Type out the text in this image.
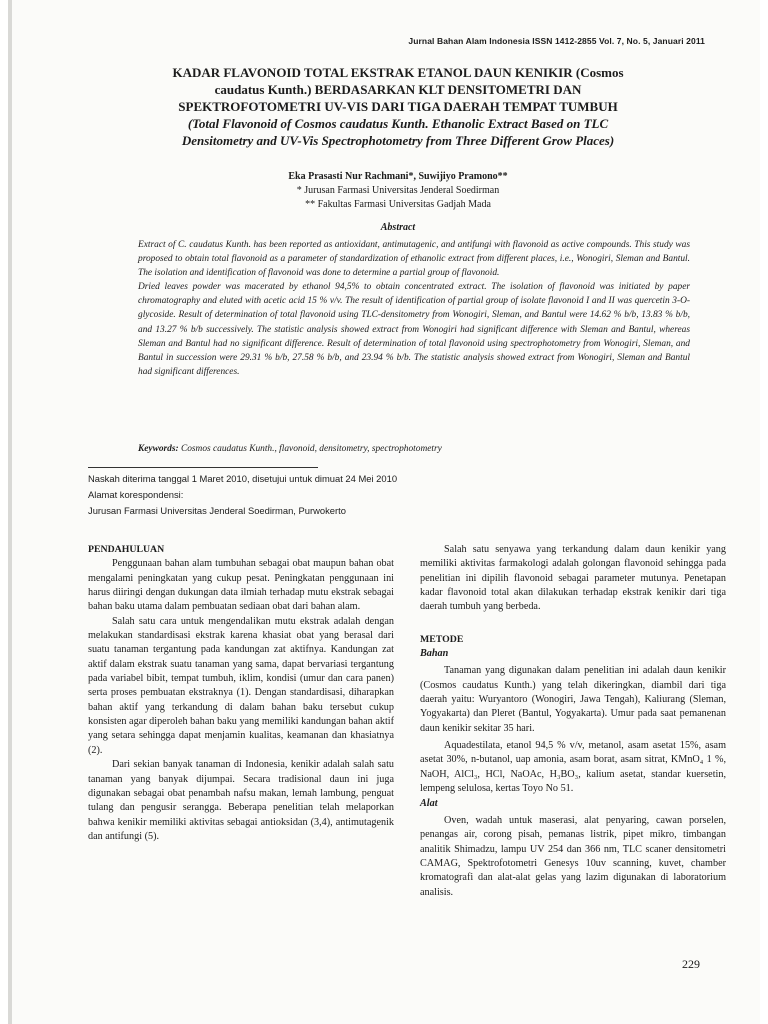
Jurnal Bahan Alam Indonesia ISSN 1412-2855 Vol. 7, No. 5, Januari 2011
KADAR FLAVONOID TOTAL EKSTRAK ETANOL DAUN KENIKIR (Cosmos
caudatus Kunth.) BERDASARKAN KLT DENSITOMETRI DAN
SPEKTROFOTOMETRI UV-VIS DARI TIGA DAERAH TEMPAT TUMBUH
(Total Flavonoid of Cosmos caudatus Kunth. Ethanolic Extract Based on TLC
Densitometry and UV-Vis Spectrophotometry from Three Different Grow Places)
Eka Prasasti Nur Rachmani*, Suwijiyo Pramono**
* Jurusan Farmasi Universitas Jenderal Soedirman
** Fakultas Farmasi Universitas Gadjah Mada
Abstract

Extract of C. caudatus Kunth. has been reported as antioxidant, antimutagenic, and antifungi with flavonoid as active compounds. This study was proposed to obtain total flavonoid as a parameter of standardization of ethanolic extract from different places, i.e., Wonogiri, Sleman and Bantul. The isolation and identification of flavonoid was done to determine a partial group of flavonoid.

Dried leaves powder was macerated by ethanol 94,5% to obtain concentrated extract. The isolation of flavonoid was initiated by paper chromatography and eluted with acetic acid 15 % v/v. The result of identification of partial group of isolate flavonoid I and II was quercetin 3-O-glycoside. Result of determination of total flavonoid using TLC-densitometry from Wonogiri, Sleman, and Bantul were 14.62 % b/b, 13.83 % b/b, and 13.27 % b/b successively. The statistic analysis showed extract from Wonogiri had significant difference with Sleman and Bantul, whereas Sleman and Bantul had no significant difference. Result of determination of total flavonoid using spectrophotometry from Wonogiri, Sleman, and Bantul in succession were 29.31 % b/b, 27.58 % b/b, and 23.94 % b/b. The statistic analysis showed extract from Wonogiri, Sleman and Bantul had significant differences.

Keywords: Cosmos caudatus Kunth., flavonoid, densitometry, spectrophotometry
Naskah diterima tanggal 1 Maret 2010, disetujui untuk dimuat 24 Mei 2010
Alamat korespondensi:
Jurusan Farmasi Universitas Jenderal Soedirman, Purwokerto

PENDAHULUAN

Penggunaan bahan alam tumbuhan sebagai obat maupun bahan obat mengalami peningkatan yang cukup pesat. Peningkatan penggunaan ini harus diiringi dengan dukungan data ilmiah terhadap mutu ekstrak sebagai bahan baku utama dalam pembuatan sediaan obat dari bahan alam.

Salah satu cara untuk mengendalikan mutu ekstrak adalah dengan melakukan standardisasi ekstrak karena khasiat obat yang berasal dari suatu tanaman tergantung pada kandungan zat aktifnya. Kandungan zat aktif dalam ekstrak suatu tanaman yang sama, dapat bervariasi tergantung pada variabel bibit, tempat tumbuh, iklim, kondisi (umur dan cara panen) serta proses pembuatan ekstraknya (1). Dengan standardisasi, diharapkan bahan aktif yang terkandung di dalam bahan baku tersebut cukup konsisten agar diperoleh bahan baku yang memiliki kandungan bahan aktif yang setara sehingga dapat menjamin kualitas, keamanan dan khasiatnya (2).

Dari sekian banyak tanaman di Indonesia, kenikir adalah salah satu tanaman yang banyak dijumpai. Secara tradisional daun ini juga digunakan sebagai obat penambah nafsu makan, lemah lambung, penguat tulang dan pengusir serangga. Beberapa penelitian telah melaporkan bahwa kenikir memiliki aktivitas sebagai antioksidan (3,4), antimutagenik dan antifungi (5).

Salah satu senyawa yang terkandung dalam daun kenikir yang memiliki aktivitas farmakologi adalah golongan flavonoid sehingga pada penelitian ini dipilih flavonoid sebagai parameter mutunya. Penetapan kadar flavonoid total akan dilakukan terhadap ekstrak kenikir dari tiga daerah tumbuh yang berbeda.

METODE

Bahan

Tanaman yang digunakan dalam penelitian ini adalah daun kenikir (Cosmos caudatus Kunth.) yang telah dikeringkan, diambil dari tiga daerah yaitu: Wuryantoro (Wonogiri, Jawa Tengah), Kaliurang (Sleman, Yogyakarta) dan Pleret (Bantul, Yogyakarta). Umur pada saat pemanenan daun kenikir sekitar 35 hari.

Aquadestilata, etanol 94,5 % v/v, metanol, asam asetat 15%, asam asetat 30%, n-butanol, uap amonia, asam borat, asam sitrat, KMnO₄ 1 %, NaOH, AlCl₃, HCl, NaOAc, H₃BO₃, kalium asetat, standar kuersetin, lempeng selulosa, kertas Toyo No 51.

Alat

Oven, wadah untuk maserasi, alat penyaring, cawan porselen, penangas air, corong pisah, pemanas listrik, pipet mikro, timbangan analitik Shimadzu, lampu UV 254 dan 366 nm, TLC scaner densitometri CAMAG, Spektrofotometri Genesys 10uv scanning, kuvet, chamber kromatografi dan alat-alat gelas yang lazim digunakan di laboratorium analisis.

229
